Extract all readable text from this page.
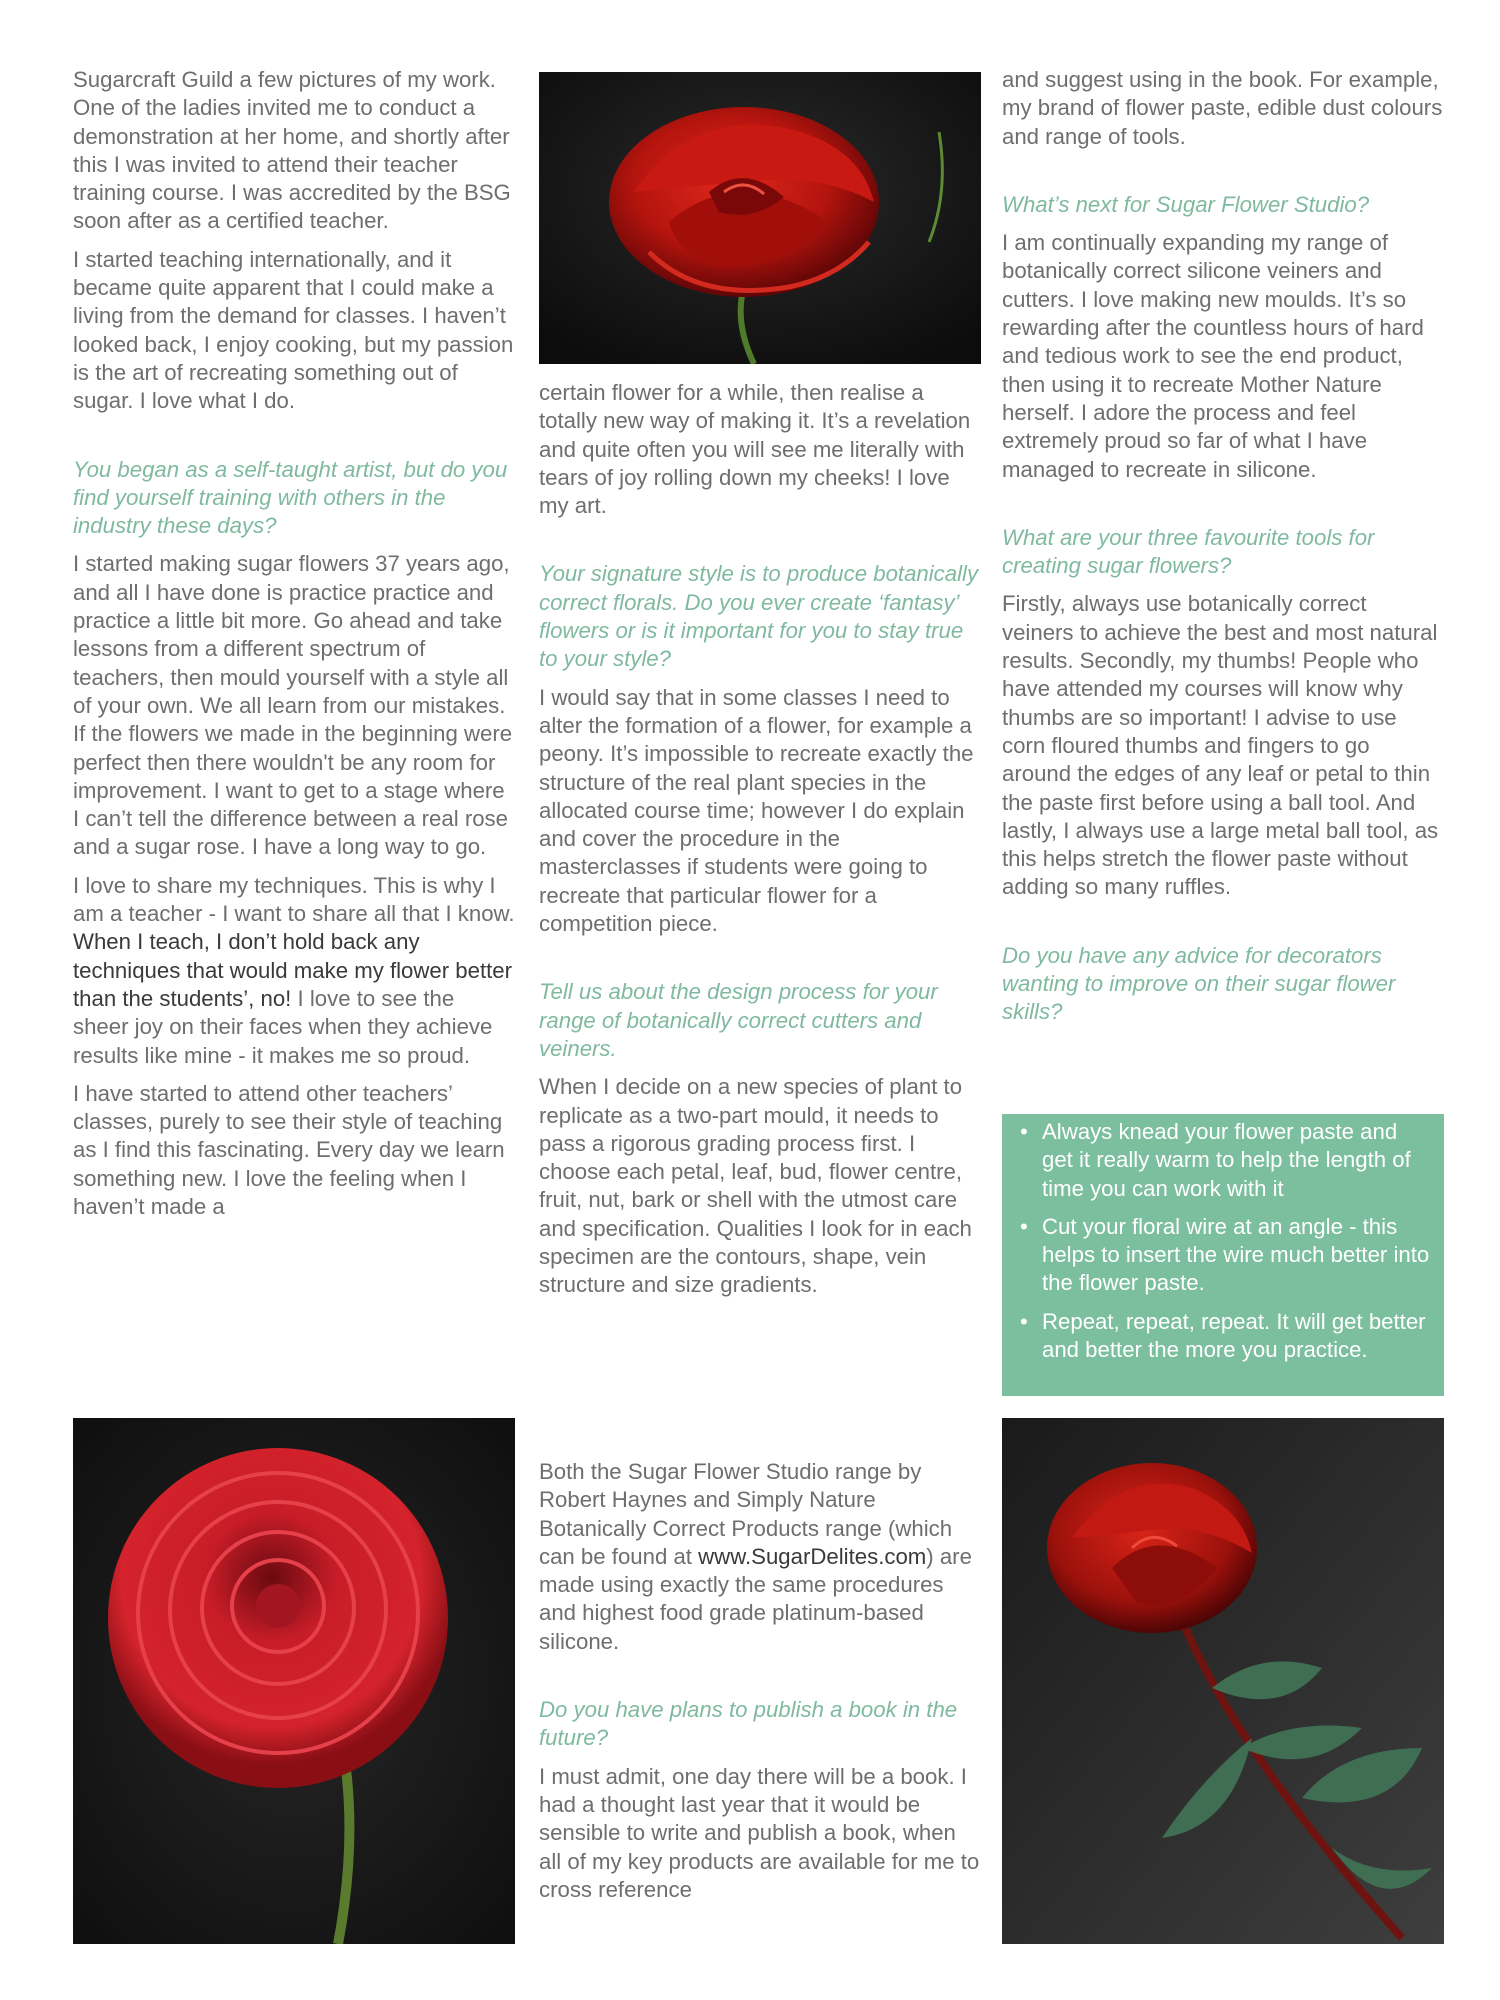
Sugarcraft Guild a few pictures of my work. One of the ladies invited me to conduct a demonstration at her home, and shortly after this I was invited to attend their teacher training course. I was accredited by the BSG soon after as a certified teacher.

I started teaching internationally, and it became quite apparent that I could make a living from the demand for classes. I haven’t looked back, I enjoy cooking, but my passion is the art of recreating something out of sugar. I love what I do.

You began as a self-taught artist, but do you find yourself training with others in the industry these days?

I started making sugar flowers 37 years ago, and all I have done is practice practice and practice a little bit more. Go ahead and take lessons from a different spectrum of teachers, then mould yourself with a style all of your own. We all learn from our mistakes. If the flowers we made in the beginning were perfect then there wouldn't be any room for improvement. I want to get to a stage where I can’t tell the difference between a real rose and a sugar rose. I have a long way to go.

I love to share my techniques. This is why I am a teacher - I want to share all that I know. When I teach, I don’t hold back any techniques that would make my flower better than the students’, no! I love to see the sheer joy on their faces when they achieve results like mine - it makes me so proud.

I have started to attend other teachers’ classes, purely to see their style of teaching as I find this fascinating. Every day we learn something new. I love the feeling when I haven’t made a

certain flower for a while, then realise a totally new way of making it. It’s a revelation and quite often you will see me literally with tears of joy rolling down my cheeks! I love my art.

Your signature style is to produce botanically correct florals. Do you ever create ‘fantasy’ flowers or is it important for you to stay true to your style?

I would say that in some classes I need to alter the formation of a flower, for example a peony. It’s impossible to recreate exactly the structure of the real plant species in the allocated course time; however I do explain and cover the procedure in the masterclasses if students were going to recreate that particular flower for a competition piece.

Tell us about the design process for your range of botanically correct cutters and veiners.

When I decide on a new species of plant to replicate as a two-part mould, it needs to pass a rigorous grading process first. I choose each petal, leaf, bud, flower centre, fruit, nut, bark or shell with the utmost care and specification. Qualities I look for in each specimen are the contours, shape, vein structure and size gradients.

Both the Sugar Flower Studio range by Robert Haynes and Simply Nature Botanically Correct Products range (which can be found at www.SugarDelites.com) are made using exactly the same procedures and highest food grade platinum-based silicone.

Do you have plans to publish a book in the future?

I must admit, one day there will be a book. I had a thought last year that it would be sensible to write and publish a book, when all of my key products are available for me to cross reference

and suggest using in the book. For example, my brand of flower paste, edible dust colours and range of tools.

What’s next for Sugar Flower Studio?

I am continually expanding my range of botanically correct silicone veiners and cutters. I love making new moulds. It’s so rewarding after the countless hours of hard and tedious work to see the end product, then using it to recreate Mother Nature herself. I adore the process and feel extremely proud so far of what I have managed to recreate in silicone.

What are your three favourite tools for creating sugar flowers?

Firstly, always use botanically correct veiners to achieve the best and most natural results. Secondly, my thumbs! People who have attended my courses will know why thumbs are so important! I advise to use corn floured thumbs and fingers to go around the edges of any leaf or petal to thin the paste first before using a ball tool. And lastly, I always use a large metal ball tool, as this helps stretch the flower paste without adding so many ruffles.

Do you have any advice for decorators wanting to improve on their sugar flower skills?

• Always knead your flower paste and get it really warm to help the length of time you can work with it
• Cut your floral wire at an angle - this helps to insert the wire much better into the flower paste.
• Repeat, repeat, repeat. It will get better and better the more you practice.
